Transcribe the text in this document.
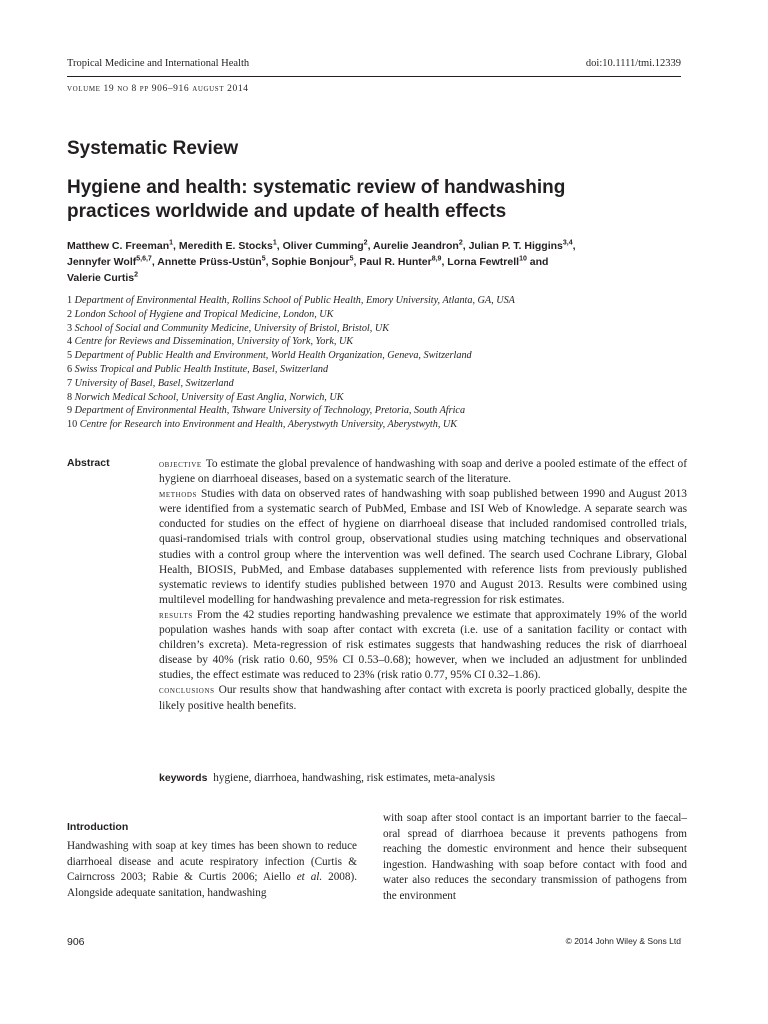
Tropical Medicine and International Health	doi:10.1111/tmi.12339
volume 19 no 8 pp 906–916 august 2014
Systematic Review
Hygiene and health: systematic review of handwashing practices worldwide and update of health effects
Matthew C. Freeman$^1$, Meredith E. Stocks$^1$, Oliver Cumming$^2$, Aurelie Jeandron$^2$, Julian P. T. Higgins$^{3,4}$,
Jennyfer Wolf$^{5,6,7}$, Annette Prüss-Ustün$^5$, Sophie Bonjour$^5$, Paul R. Hunter$^{8,9}$, Lorna Fewtrell$^{10}$ and
Valerie Curtis$^2$
1 Department of Environmental Health, Rollins School of Public Health, Emory University, Atlanta, GA, USA
2 London School of Hygiene and Tropical Medicine, London, UK
3 School of Social and Community Medicine, University of Bristol, Bristol, UK
4 Centre for Reviews and Dissemination, University of York, York, UK
5 Department of Public Health and Environment, World Health Organization, Geneva, Switzerland
6 Swiss Tropical and Public Health Institute, Basel, Switzerland
7 University of Basel, Basel, Switzerland
8 Norwich Medical School, University of East Anglia, Norwich, UK
9 Department of Environmental Health, Tshware University of Technology, Pretoria, South Africa
10 Centre for Research into Environment and Health, Aberystwyth University, Aberystwyth, UK
Abstract	objective To estimate the global prevalence of handwashing with soap and derive a pooled estimate of the effect of hygiene on diarrhoeal diseases, based on a systematic search of the literature.
methods Studies with data on observed rates of handwashing with soap published between 1990 and August 2013 were identified from a systematic search of PubMed, Embase and ISI Web of Knowledge. A separate search was conducted for studies on the effect of hygiene on diarrhoeal disease that included randomised controlled trials, quasi-randomised trials with control group, observational studies using matching techniques and observational studies with a control group where the intervention was well defined. The search used Cochrane Library, Global Health, BIOSIS, PubMed, and Embase databases supplemented with reference lists from previously published systematic reviews to identify studies published between 1970 and August 2013. Results were combined using multilevel modelling for handwashing prevalence and meta-regression for risk estimates.
results From the 42 studies reporting handwashing prevalence we estimate that approximately 19% of the world population washes hands with soap after contact with excreta (i.e. use of a sanitation facility or contact with children’s excreta). Meta-regression of risk estimates suggests that handwashing reduces the risk of diarrhoeal disease by 40% (risk ratio 0.60, 95% CI 0.53–0.68); however, when we included an adjustment for unblinded studies, the effect estimate was reduced to 23% (risk ratio 0.77, 95% CI 0.32–1.86).
conclusions Our results show that handwashing after contact with excreta is poorly practiced globally, despite the likely positive health benefits.
keywords hygiene, diarrhoea, handwashing, risk estimates, meta-analysis
Introduction
Handwashing with soap at key times has been shown to reduce diarrhoeal disease and acute respiratory infection (Curtis & Cairncross 2003; Rabie & Curtis 2006; Aiello et al. 2008). Alongside adequate sanitation, handwashing
with soap after stool contact is an important barrier to the faecal–oral spread of diarrhoea because it prevents pathogens from reaching the domestic environment and hence their subsequent ingestion. Handwashing with soap before contact with food and water also reduces the secondary transmission of pathogens from the environment
906	© 2014 John Wiley & Sons Ltd
